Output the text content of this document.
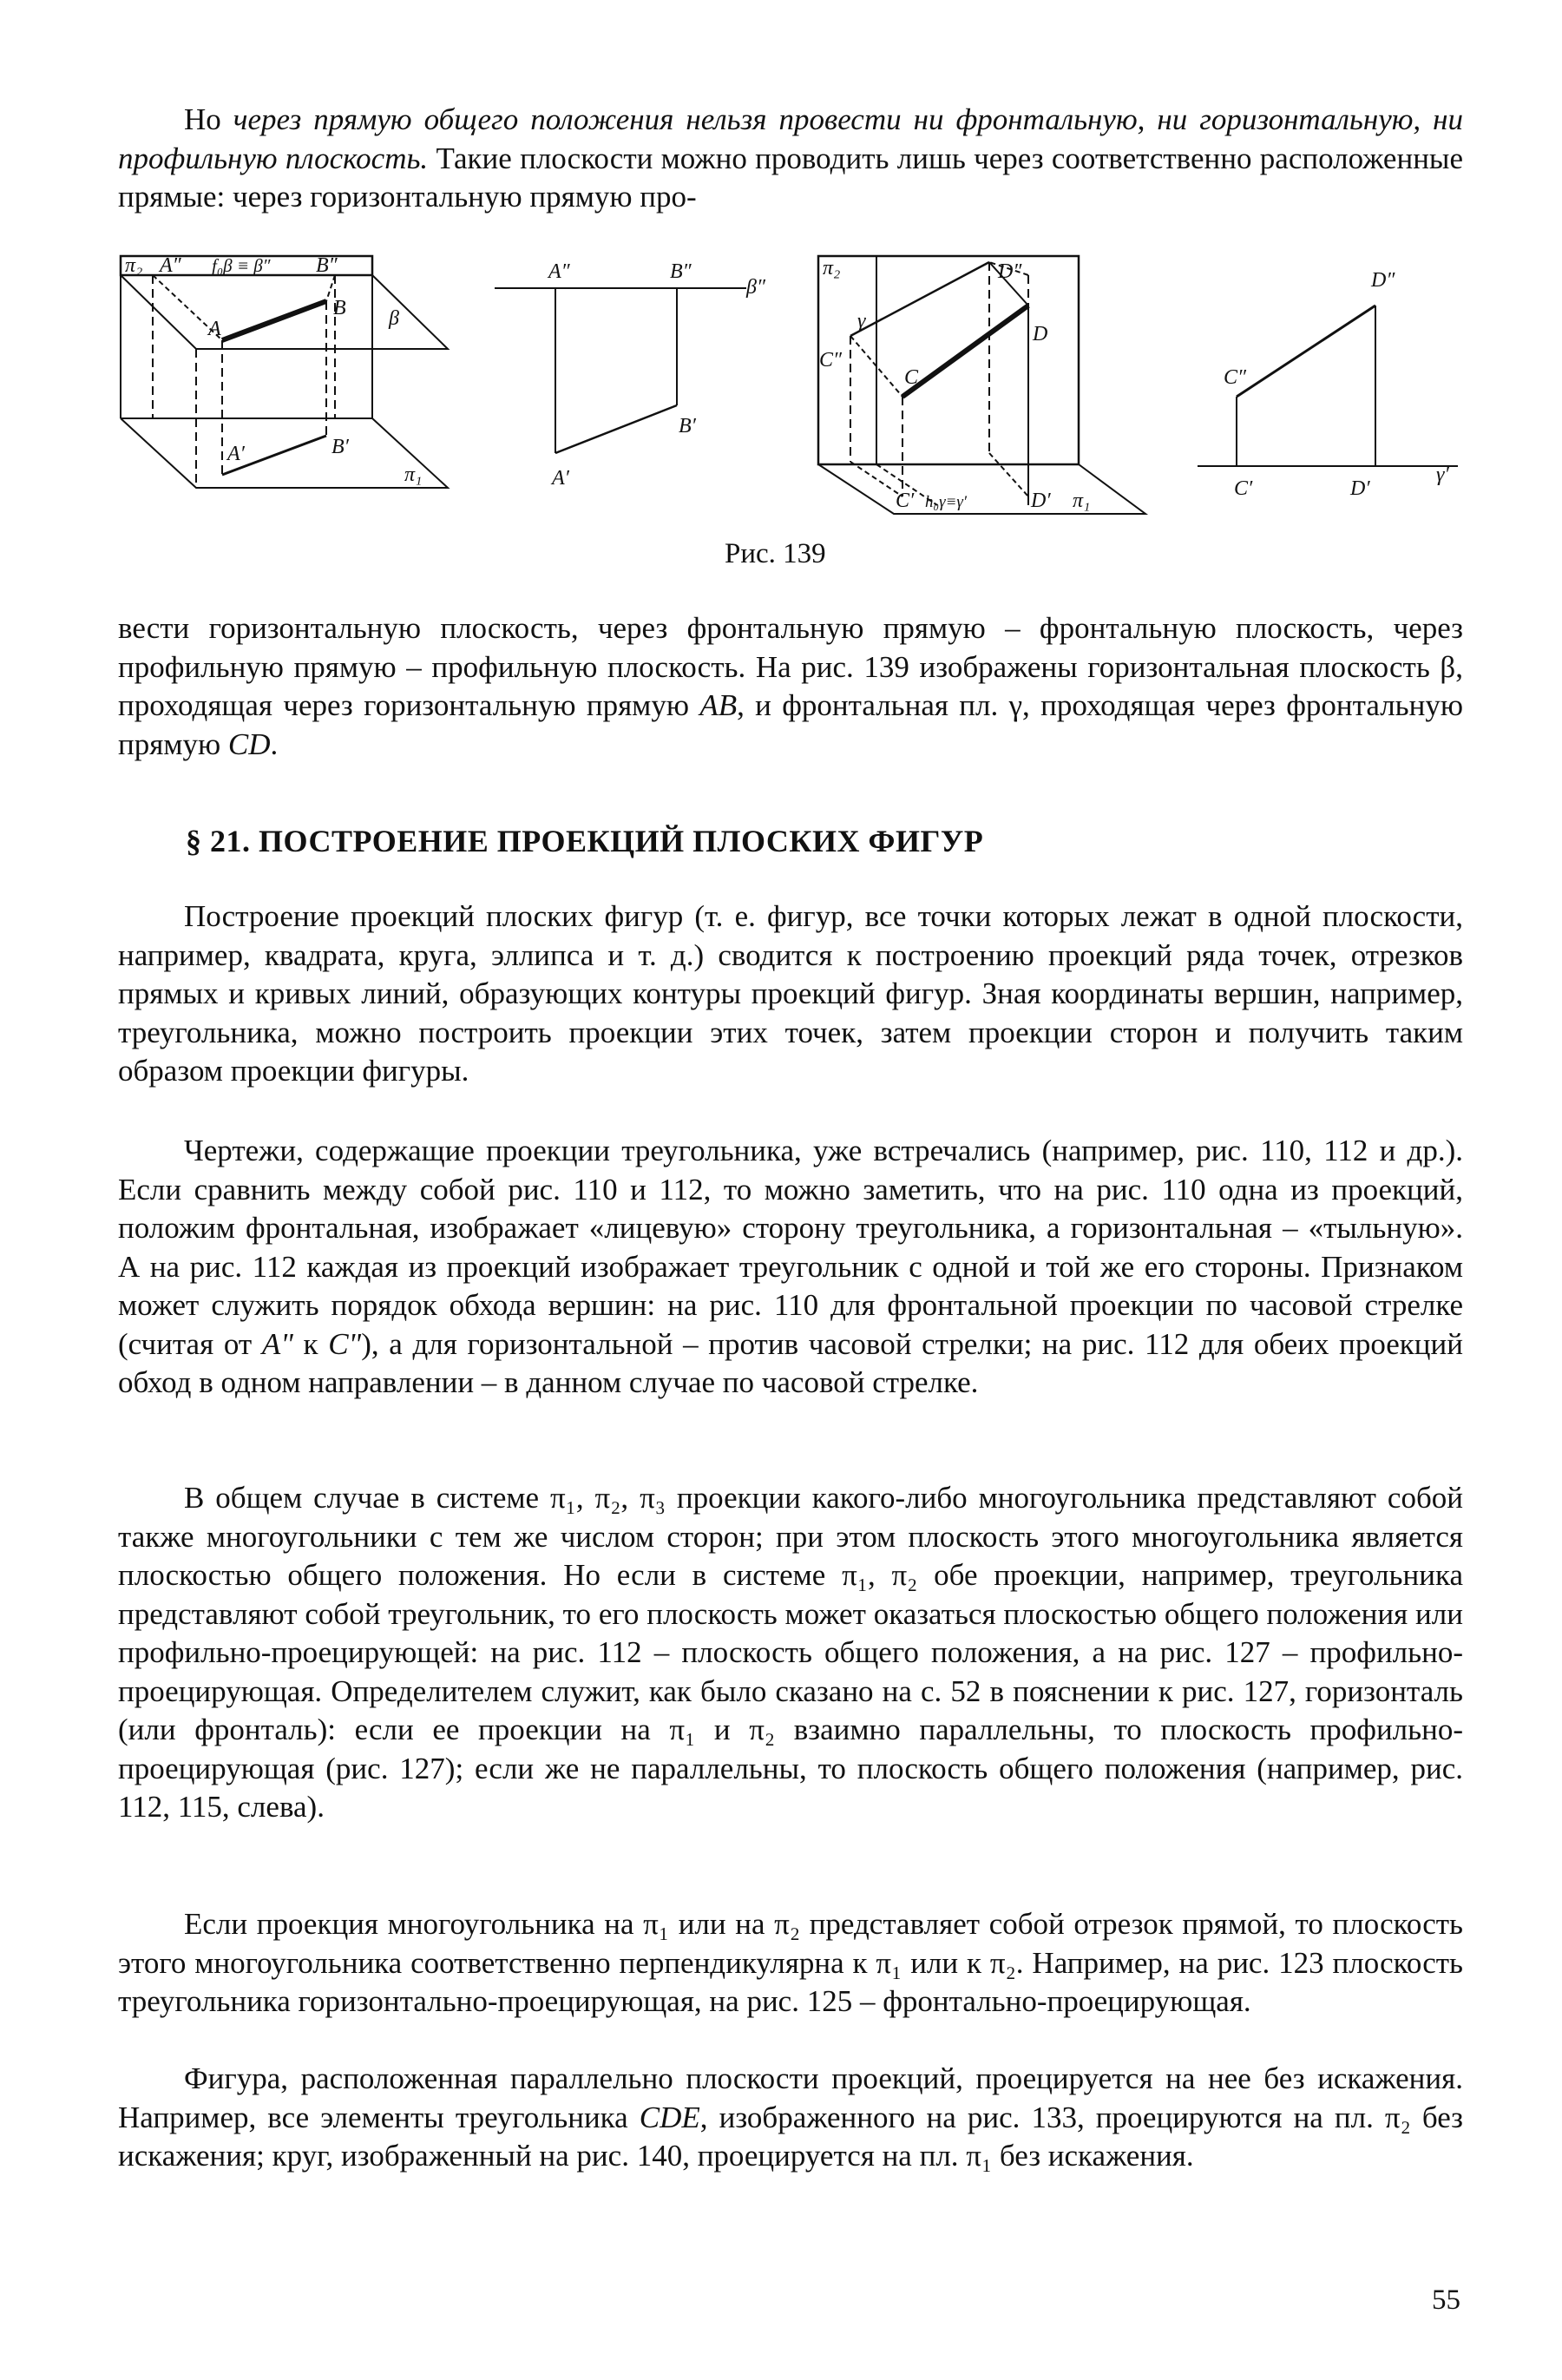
Но через прямую общего положения нельзя провести ни фронтальную, ни горизонтальную, ни профильную плоскость. Такие плоскости можно проводить лишь через соответственно расположенные прямые: через горизонтальную прямую про-

π₂ A″ f₀β ≡ β″ B″
A
B β
A′	B′
π₁
A″	B″
β″
A′
B′
π₂	D″
γ
C″
C
D
C′ h₀γ≡γ′	D′ π₁
D″
C″
C′	D′
γ′
Рис. 139

вести горизонтальную плоскость, через фронтальную прямую – фронтальную плоскость, через профильную прямую – профильную плоскость. На рис. 139 изображены горизонтальная плоскость β, проходящая через горизонтальную прямую AB, и фронтальная пл. γ, проходящая через фронтальную прямую CD.

§ 21. ПОСТРОЕНИЕ ПРОЕКЦИЙ ПЛОСКИХ ФИГУР

Построение проекций плоских фигур (т. е. фигур, все точки которых лежат в одной плоскости, например, квадрата, круга, эллипса и т. д.) сводится к построению проекций ряда точек, отрезков прямых и кривых линий, образующих контуры проекций фигур. Зная координаты вершин, например, треугольника, можно построить проекции этих точек, затем проекции сторон и получить таким образом проекции фигуры.

Чертежи, содержащие проекции треугольника, уже встречались (например, рис. 110, 112 и др.). Если сравнить между собой рис. 110 и 112, то можно заметить, что на рис. 110 одна из проекций, положим фронтальная, изображает «лицевую» сторону треугольника, а горизонтальная – «тыльную». А на рис. 112 каждая из проекций изображает треугольник с одной и той же его стороны. Признаком может служить порядок обхода вершин: на рис. 110 для фронтальной проекции по часовой стрелке (считая от A" к C"), а для горизонтальной – против часовой стрелки; на рис. 112 для обеих проекций обход в одном направлении – в данном случае по часовой стрелке.

В общем случае в системе π₁, π₂, π₃ проекции какого-либо многоугольника представляют собой также многоугольники с тем же числом сторон; при этом плоскость этого многоугольника является плоскостью общего положения. Но если в системе π₁, π₂ обе проекции, например, треугольника представляют собой треугольник, то его плоскость может оказаться плоскостью общего положения или профильно-проецирующей: на рис. 112 – плоскость общего положения, а на рис. 127 – профильно-проецирующая. Определителем служит, как было сказано на с. 52 в пояснении к рис. 127, горизонталь (или фронталь): если ее проекции на π₁ и π₂ взаимно параллельны, то плоскость профильно-проецирующая (рис. 127); если же не параллельны, то плоскость общего положения (например, рис. 112, 115, слева).

Если проекция многоугольника на π₁ или на π₂ представляет собой отрезок прямой, то плоскость этого многоугольника соответственно перпендикулярна к π₁ или к π₂. Например, на рис. 123 плоскость треугольника горизонтально-проецирующая, на рис. 125 – фронтально-проецирующая.

Фигура, расположенная параллельно плоскости проекций, проецируется на нее без искажения. Например, все элементы треугольника CDE, изображенного на рис. 133, проецируются на пл. π₂ без искажения; круг, изображенный на рис. 140, проецируется на пл. π₁ без искажения.

55
